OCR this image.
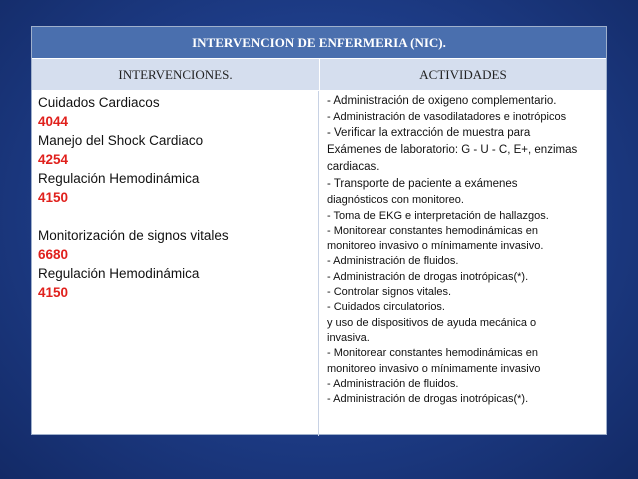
INTERVENCION DE ENFERMERIA (NIC).
INTERVENCIONES.	ACTIVIDADES
Cuidados Cardiacos
4044
Manejo del Shock Cardiaco
4254
Regulación Hemodinámica
4150
Monitorización de signos vitales
6680
Regulación Hemodinámica
4150
- Administración de oxigeno complementario.
- Administración de vasodilatadores e inotrópicos
- Verificar la extracción de muestra para
Exámenes de laboratorio: G - U - C, E+, enzimas
cardiacas.
- Transporte de paciente a exámenes
diagnósticos con monitoreo.
- Toma de EKG e interpretación de hallazgos.
- Monitorear constantes hemodinámicas en
monitoreo invasivo o mínimamente invasivo.
- Administración de fluidos.
- Administración de drogas inotrópicas(*).
- Controlar signos vitales.
- Cuidados circulatorios.
y uso de dispositivos de ayuda mecánica o
invasiva.
- Monitorear constantes hemodinámicas en
monitoreo invasivo o mínimamente invasivo
- Administración de fluidos.
- Administración de drogas inotrópicas(*).
